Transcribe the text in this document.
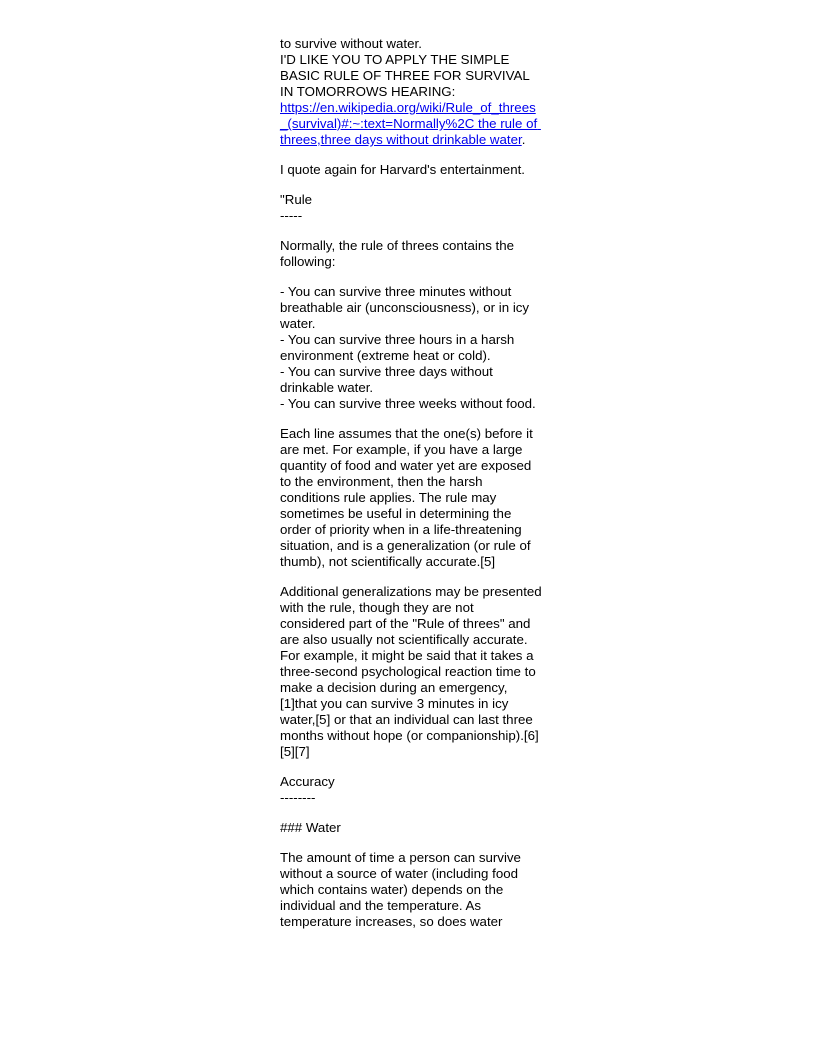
to survive without water.
I'D LIKE YOU TO APPLY THE SIMPLE BASIC RULE OF THREE FOR SURVIVAL IN TOMORROWS HEARING:
https://en.wikipedia.org/wiki/Rule_of_threes_(survival)#:~:text=Normally%2C the rule of threes,three days without drinkable water.
I quote again for Harvard's entertainment.
"Rule
-----
Normally, the rule of threes contains the following:
- You can survive three minutes without breathable air (unconsciousness), or in icy water.
- You can survive three hours in a harsh environment (extreme heat or cold).
- You can survive three days without drinkable water.
- You can survive three weeks without food.
Each line assumes that the one(s) before it are met. For example, if you have a large quantity of food and water yet are exposed to the environment, then the harsh conditions rule applies. The rule may sometimes be useful in determining the order of priority when in a life-threatening situation, and is a generalization (or rule of thumb), not scientifically accurate.[5]
Additional generalizations may be presented with the rule, though they are not considered part of the "Rule of threes" and are also usually not scientifically accurate. For example, it might be said that it takes a three-second psychological reaction time to make a decision during an emergency,[1]that you can survive 3 minutes in icy water,[5] or that an individual can last three months without hope (or companionship).[6][5][7]
Accuracy
--------
### Water
The amount of time a person can survive without a source of water (including food which contains water) depends on the individual and the temperature. As temperature increases, so does water
